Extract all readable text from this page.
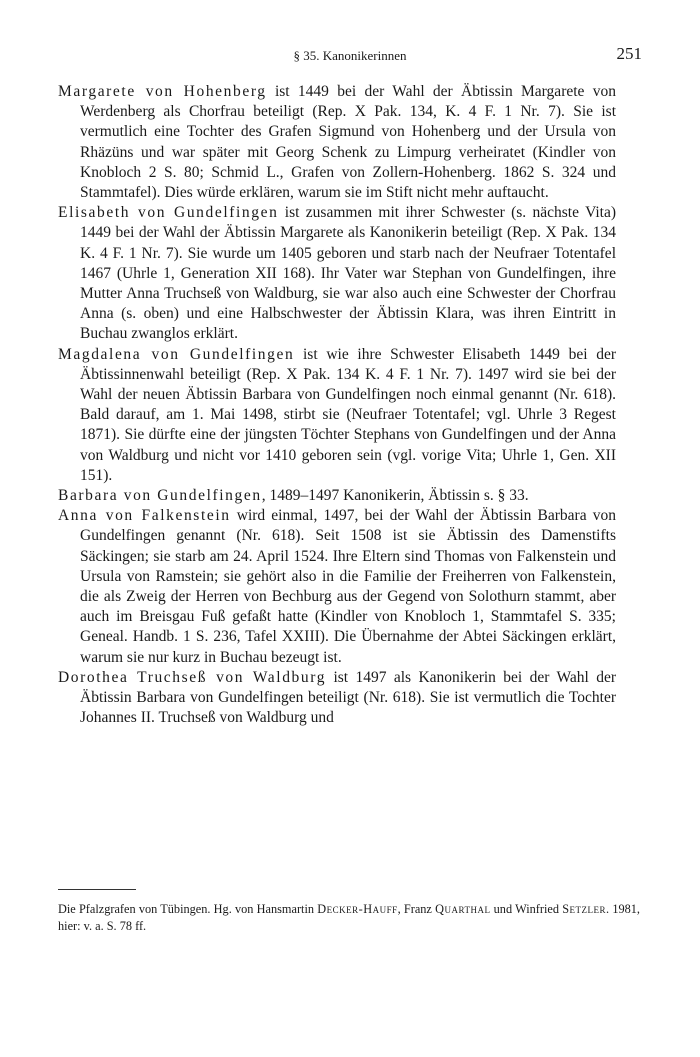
§ 35. Kanonikerinnen	251

Margarete von Hohenberg ist 1449 bei der Wahl der Äbtissin Margarete von Werdenberg als Chorfrau beteiligt (Rep. X Pak. 134, K. 4 F. 1 Nr. 7). Sie ist vermutlich eine Tochter des Grafen Sigmund von Hohenberg und der Ursula von Rhäzüns und war später mit Georg Schenk zu Limpurg verheiratet (Kindler von Knobloch 2 S. 80; Schmid L., Grafen von Zollern-Hohenberg. 1862 S. 324 und Stammtafel). Dies würde erklären, warum sie im Stift nicht mehr auftaucht.

Elisabeth von Gundelfingen ist zusammen mit ihrer Schwester (s. nächste Vita) 1449 bei der Wahl der Äbtissin Margarete als Kanonikerin beteiligt (Rep. X Pak. 134 K. 4 F. 1 Nr. 7). Sie wurde um 1405 geboren und starb nach der Neufraer Totentafel 1467 (Uhrle 1, Generation XII 168). Ihr Vater war Stephan von Gundelfingen, ihre Mutter Anna Truchseß von Waldburg, sie war also auch eine Schwester der Chorfrau Anna (s. oben) und eine Halbschwester der Äbtissin Klara, was ihren Eintritt in Buchau zwanglos erklärt.

Magdalena von Gundelfingen ist wie ihre Schwester Elisabeth 1449 bei der Äbtissinnenwahl beteiligt (Rep. X Pak. 134 K. 4 F. 1 Nr. 7). 1497 wird sie bei der Wahl der neuen Äbtissin Barbara von Gundelfingen noch einmal genannt (Nr. 618). Bald darauf, am 1. Mai 1498, stirbt sie (Neufraer Totentafel; vgl. Uhrle 3 Regest 1871). Sie dürfte eine der jüngsten Töchter Stephans von Gundelfingen und der Anna von Waldburg und nicht vor 1410 geboren sein (vgl. vorige Vita; Uhrle 1, Gen. XII 151).

Barbara von Gundelfingen, 1489–1497 Kanonikerin, Äbtissin s. § 33.

Anna von Falkenstein wird einmal, 1497, bei der Wahl der Äbtissin Barbara von Gundelfingen genannt (Nr. 618). Seit 1508 ist sie Äbtissin des Damenstifts Säckingen; sie starb am 24. April 1524. Ihre Eltern sind Thomas von Falkenstein und Ursula von Ramstein; sie gehört also in die Familie der Freiherren von Falkenstein, die als Zweig der Herren von Bechburg aus der Gegend von Solothurn stammt, aber auch im Breisgau Fuß gefaßt hatte (Kindler von Knobloch 1, Stammtafel S. 335; Geneal. Handb. 1 S. 236, Tafel XXIII). Die Übernahme der Abtei Säckingen erklärt, warum sie nur kurz in Buchau bezeugt ist.

Dorothea Truchseß von Waldburg ist 1497 als Kanonikerin bei der Wahl der Äbtissin Barbara von Gundelfingen beteiligt (Nr. 618). Sie ist vermutlich die Tochter Johannes II. Truchseß von Waldburg und

Die Pfalzgrafen von Tübingen. Hg. von Hansmartin Decker-Hauff, Franz Quarthal und Winfried Setzler. 1981, hier: v. a. S. 78 ff.
